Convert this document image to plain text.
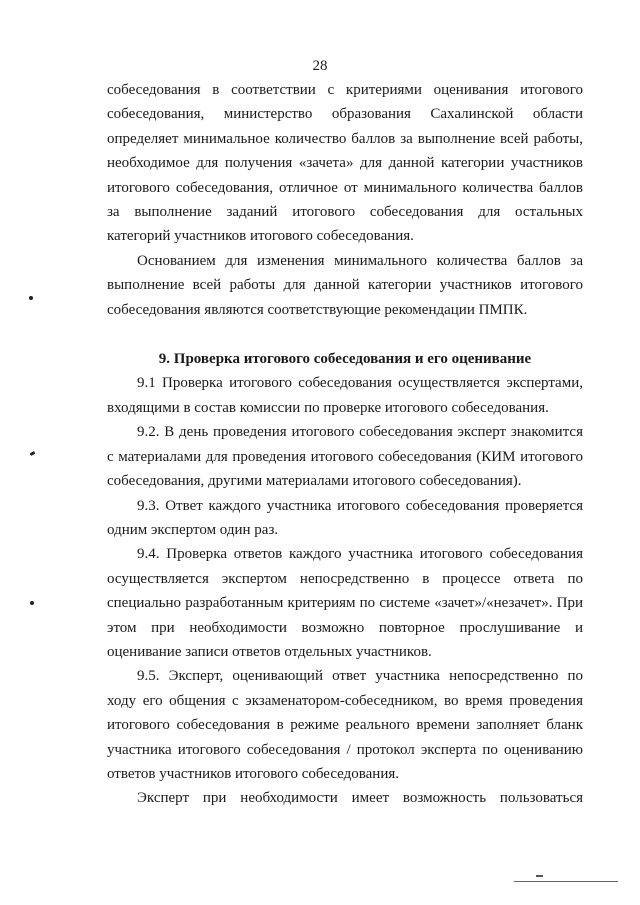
28

собеседования в соответствии с критериями оценивания итогового собеседования, министерство образования Сахалинской области определяет минимальное количество баллов за выполнение всей работы, необходимое для получения «зачета» для данной категории участников итогового собеседования, отличное от минимального количества баллов за выполнение заданий итогового собеседования для остальных категорий участников итогового собеседования.

Основанием для изменения минимального количества баллов за выполнение всей работы для данной категории участников итогового собеседования являются соответствующие рекомендации ПМПК.

9. Проверка итогового собеседования и его оценивание

9.1 Проверка итогового собеседования осуществляется экспертами, входящими в состав комиссии по проверке итогового собеседования.

9.2. В день проведения итогового собеседования эксперт знакомится с материалами для проведения итогового собеседования (КИМ итогового собеседования, другими материалами итогового собеседования).

9.3. Ответ каждого участника итогового собеседования проверяется одним экспертом один раз.

9.4. Проверка ответов каждого участника итогового собеседования осуществляется экспертом непосредственно в процессе ответа по специально разработанным критериям по системе «зачет»/«незачет». При этом при необходимости возможно повторное прослушивание и оценивание записи ответов отдельных участников.

9.5. Эксперт, оценивающий ответ участника непосредственно по ходу его общения с экзаменатором-собеседником, во время проведения итогового собеседования в режиме реального времени заполняет бланк участника итогового собеседования / протокол эксперта по оцениванию ответов участников итогового собеседования.

Эксперт при необходимости имеет возможность пользоваться
